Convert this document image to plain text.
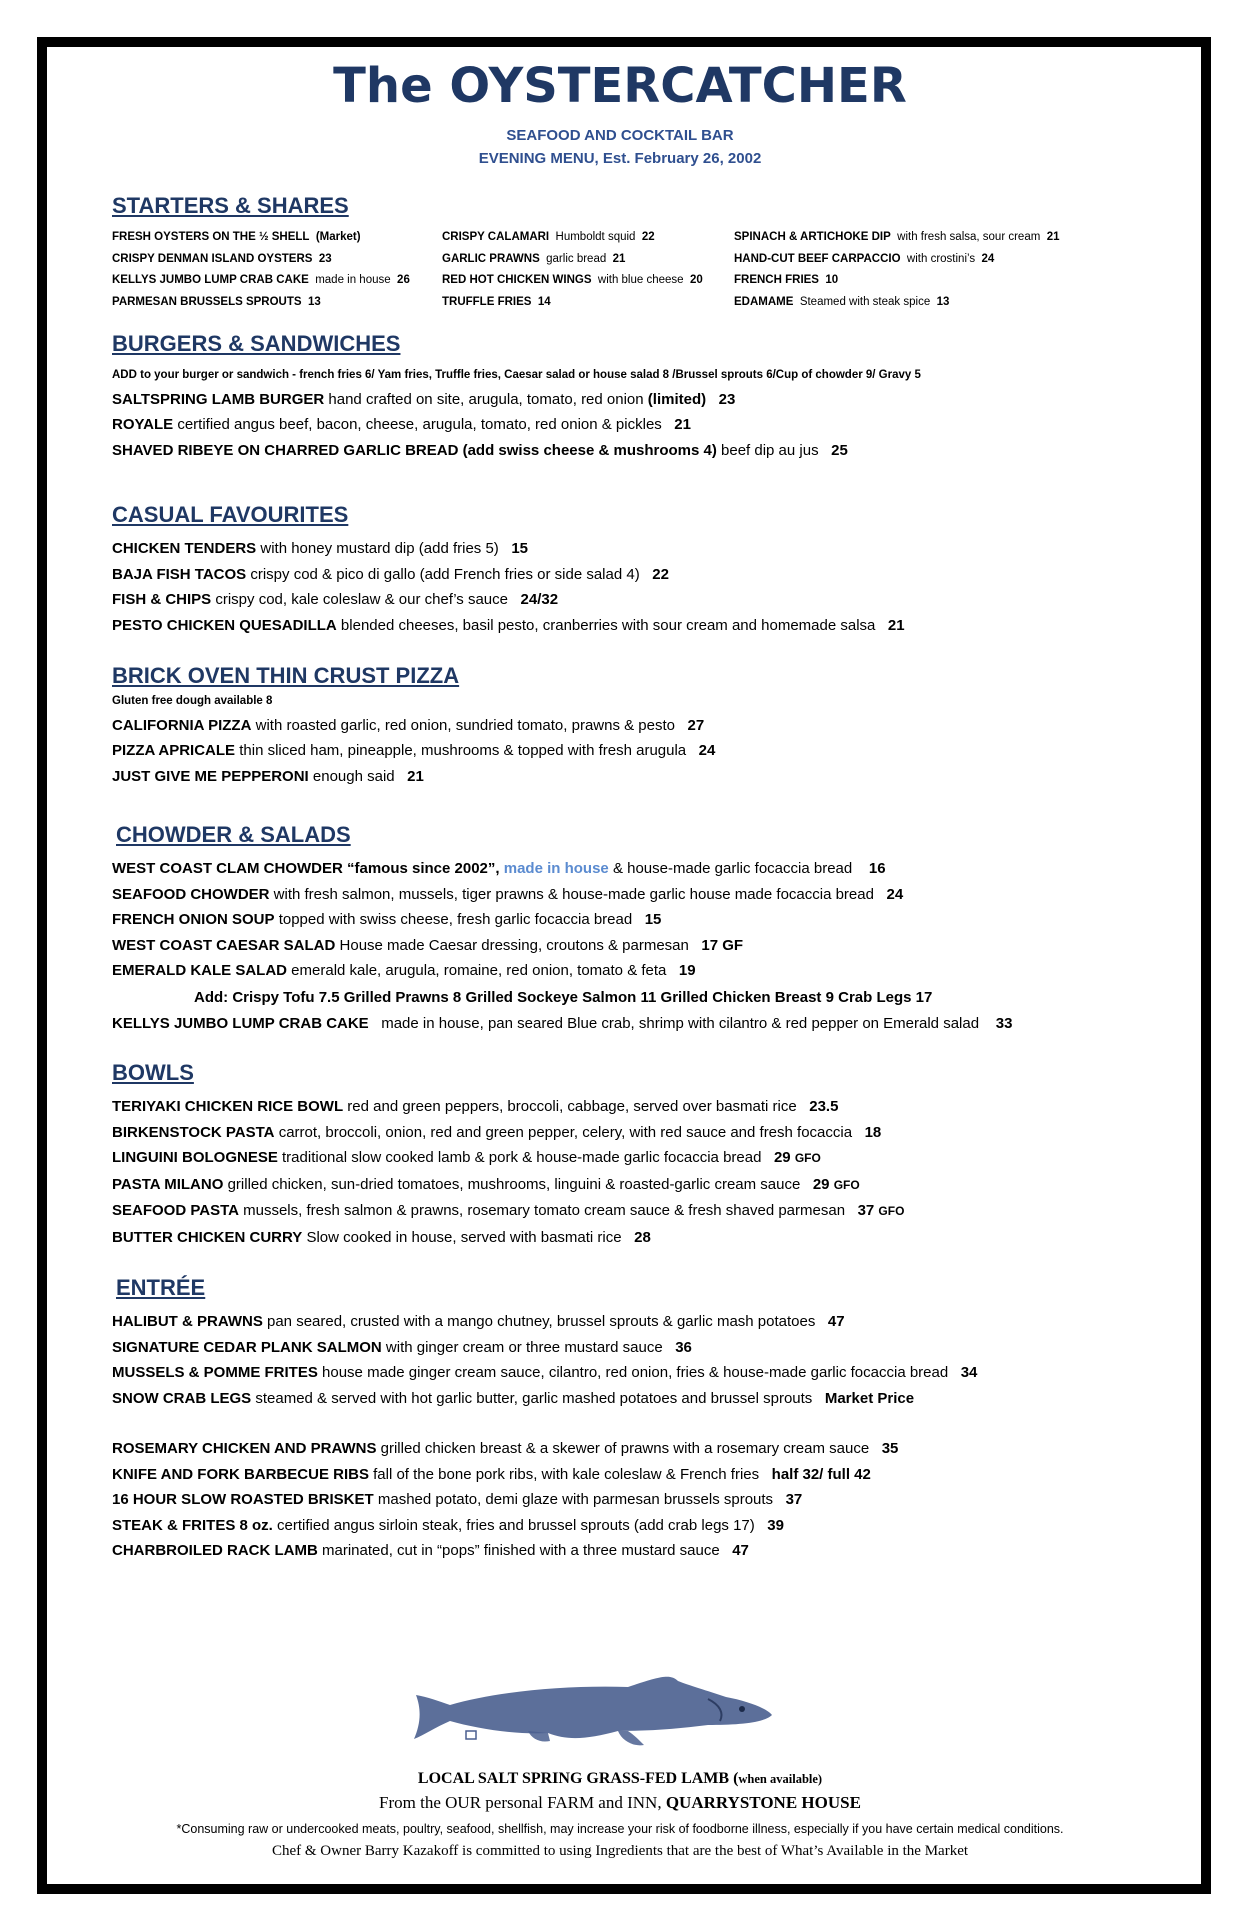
The OYSTERCATCHER
SEAFOOD AND COCKTAIL BAR
EVENING MENU, Est. February 26, 2002
STARTERS & SHARES
FRESH OYSTERS ON THE ½ SHELL (Market)	CRISPY CALAMARI Humboldt squid 22	SPINACH & ARTICHOKE DIP with fresh salsa, sour cream 21
CRISPY DENMAN ISLAND OYSTERS 23	GARLIC PRAWNS garlic bread 21	HAND-CUT BEEF CARPACCIO with crostini’s 24
KELLYS JUMBO LUMP CRAB CAKE made in house 26	RED HOT CHICKEN WINGS with blue cheese 20	FRENCH FRIES 10
PARMESAN BRUSSELS SPROUTS 13	TRUFFLE FRIES 14	EDAMAME Steamed with steak spice 13
BURGERS & SANDWICHES
ADD to your burger or sandwich - french fries 6/ Yam fries, Truffle fries, Caesar salad or house salad 8 /Brussel sprouts 6/Cup of chowder 9/ Gravy 5
SALTSPRING LAMB BURGER hand crafted on site, arugula, tomato, red onion (limited) 23
ROYALE certified angus beef, bacon, cheese, arugula, tomato, red onion & pickles 21
SHAVED RIBEYE ON CHARRED GARLIC BREAD (add swiss cheese & mushrooms 4) beef dip au jus 25
CASUAL FAVOURITES
CHICKEN TENDERS with honey mustard dip (add fries 5) 15
BAJA FISH TACOS crispy cod & pico di gallo (add French fries or side salad 4) 22
FISH & CHIPS crispy cod, kale coleslaw & our chef’s sauce 24/32
PESTO CHICKEN QUESADILLA blended cheeses, basil pesto, cranberries with sour cream and homemade salsa 21
BRICK OVEN THIN CRUST PIZZA
Gluten free dough available 8
CALIFORNIA PIZZA with roasted garlic, red onion, sundried tomato, prawns & pesto 27
PIZZA APRICALE thin sliced ham, pineapple, mushrooms & topped with fresh arugula 24
JUST GIVE ME PEPPERONI enough said 21
CHOWDER & SALADS
WEST COAST CLAM CHOWDER “famous since 2002”, made in house & house-made garlic focaccia bread 16
SEAFOOD CHOWDER with fresh salmon, mussels, tiger prawns & house-made garlic house made focaccia bread 24
FRENCH ONION SOUP topped with swiss cheese, fresh garlic focaccia bread 15
WEST COAST CAESAR SALAD House made Caesar dressing, croutons & parmesan 17 GF
EMERALD KALE SALAD emerald kale, arugula, romaine, red onion, tomato & feta 19
Add: Crispy Tofu 7.5 Grilled Prawns 8 Grilled Sockeye Salmon 11 Grilled Chicken Breast 9 Crab Legs 17
KELLYS JUMBO LUMP CRAB CAKE made in house, pan seared Blue crab, shrimp with cilantro & red pepper on Emerald salad 33
BOWLS
TERIYAKI CHICKEN RICE BOWL red and green peppers, broccoli, cabbage, served over basmati rice 23.5
BIRKENSTOCK PASTA carrot, broccoli, onion, red and green pepper, celery, with red sauce and fresh focaccia 18
LINGUINI BOLOGNESE traditional slow cooked lamb & pork & house-made garlic focaccia bread 29 GFO
PASTA MILANO grilled chicken, sun-dried tomatoes, mushrooms, linguini & roasted-garlic cream sauce 29 GFO
SEAFOOD PASTA mussels, fresh salmon & prawns, rosemary tomato cream sauce & fresh shaved parmesan 37 GFO
BUTTER CHICKEN CURRY Slow cooked in house, served with basmati rice 28
ENTRÉE
HALIBUT & PRAWNS pan seared, crusted with a mango chutney, brussel sprouts & garlic mash potatoes 47
SIGNATURE CEDAR PLANK SALMON with ginger cream or three mustard sauce 36
MUSSELS & POMME FRITES house made ginger cream sauce, cilantro, red onion, fries & house-made garlic focaccia bread 34
SNOW CRAB LEGS steamed & served with hot garlic butter, garlic mashed potatoes and brussel sprouts Market Price
ROSEMARY CHICKEN AND PRAWNS grilled chicken breast & a skewer of prawns with a rosemary cream sauce 35
KNIFE AND FORK BARBECUE RIBS fall of the bone pork ribs, with kale coleslaw & French fries half 32/ full 42
16 HOUR SLOW ROASTED BRISKET mashed potato, demi glaze with parmesan brussels sprouts 37
STEAK & FRITES 8 oz. certified angus sirloin steak, fries and brussel sprouts (add crab legs 17) 39
CHARBROILED RACK LAMB marinated, cut in “pops” finished with a three mustard sauce 47
LOCAL SALT SPRING GRASS-FED LAMB (when available)
From the OUR personal FARM and INN, QUARRYSTONE HOUSE
*Consuming raw or undercooked meats, poultry, seafood, shellfish, may increase your risk of foodborne illness, especially if you have certain medical conditions.
Chef & Owner Barry Kazakoff is committed to using Ingredients that are the best of What’s Available in the Market
